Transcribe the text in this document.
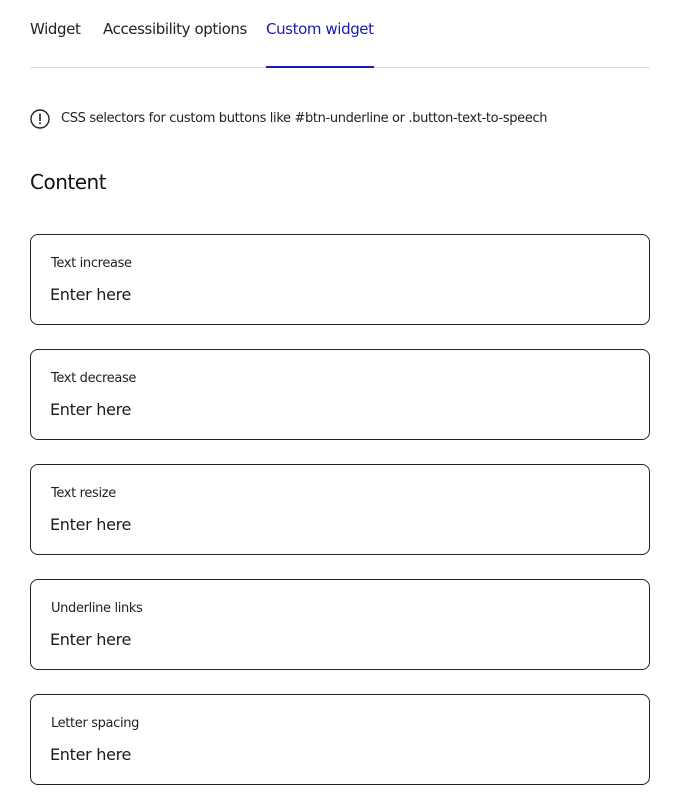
Widget Accessibility options Custom widget
CSS selectors for custom buttons like #btn-underline or .button-text-to-speech
Content
Text increase
Enter here
Text decrease
Enter here
Text resize
Enter here
Underline links
Enter here
Letter spacing
Enter here
